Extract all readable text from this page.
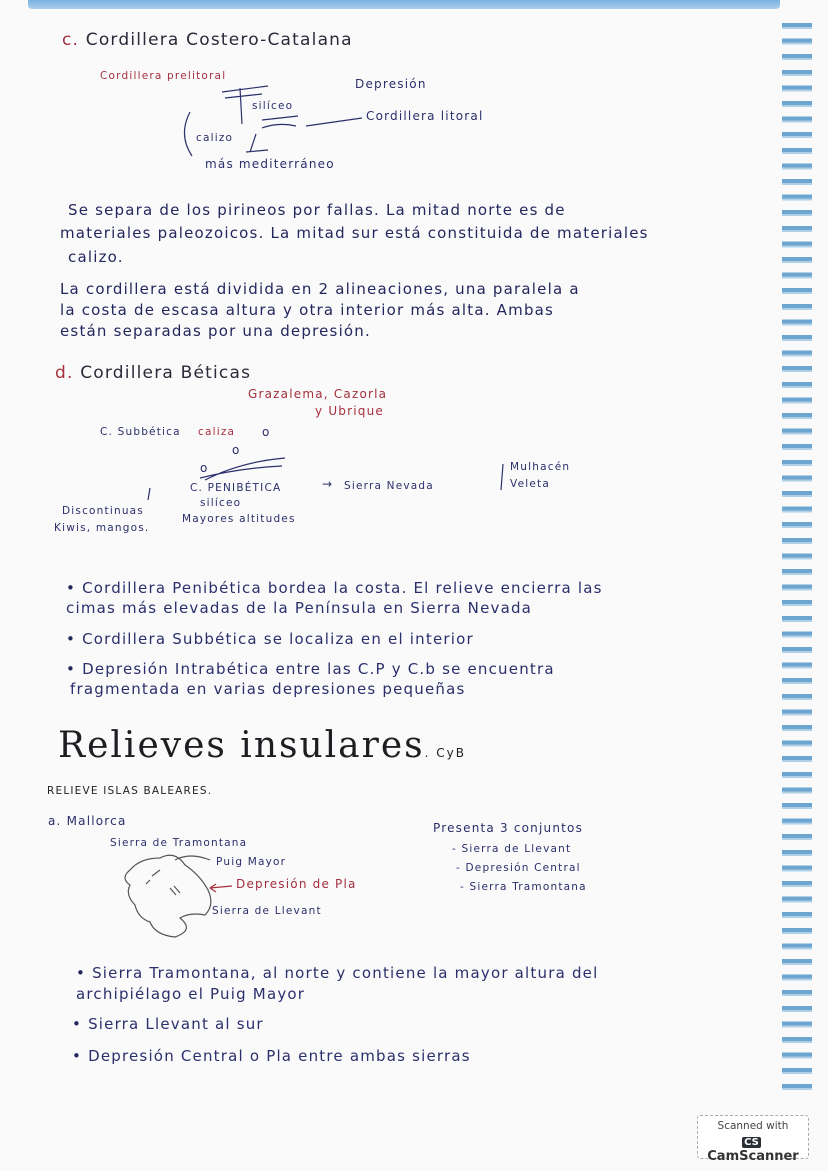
c. Cordillera Costero-Catalana
Cordillera prelitoral
Depresión
Cordillera litoral
calizo
silíceo
más mediterráneo
Se separa de los pirineos por fallas. La mitad norte es de
materiales paleozoicos. La mitad sur está constituida de materiales
calizo.
La cordillera está dividida en 2 alineaciones, una paralela a
la costa de escasa altura y otra interior más alta. Ambas
están separadas por una depresión.
d. Cordillera Béticas
Grazalema, Cazorla
y Ubrique
C. Subbética caliza o
o
o
Discontinuas
Kiwis, mangos.
C. PENIBÉTICA
silíceo
Mayores altitudes
→ Sierra Nevada
Mulhacén
Veleta
• Cordillera Penibética bordea la costa. El relieve encierra las
cimas más elevadas de la Península en Sierra Nevada
• Cordillera Subbética se localiza en el interior
• Depresión Intrabética entre las C.P y C.b se encuentra
fragmentada en varias depresiones pequeñas
Relieves insulares. CyB
RELIEVE ISLAS BALEARES.
a. Mallorca
Sierra de Tramontana
Puig Mayor
Depresión de Pla
Sierra de Llevant
Presenta 3 conjuntos
- Sierra de Llevant
- Depresión Central
- Sierra Tramontana
• Sierra Tramontana, al norte y contiene la mayor altura del
archipiélago el Puig Mayor
• Sierra Llevant al sur
• Depresión Central o Pla entre ambas sierras
Scanned with
CSCamScanner
